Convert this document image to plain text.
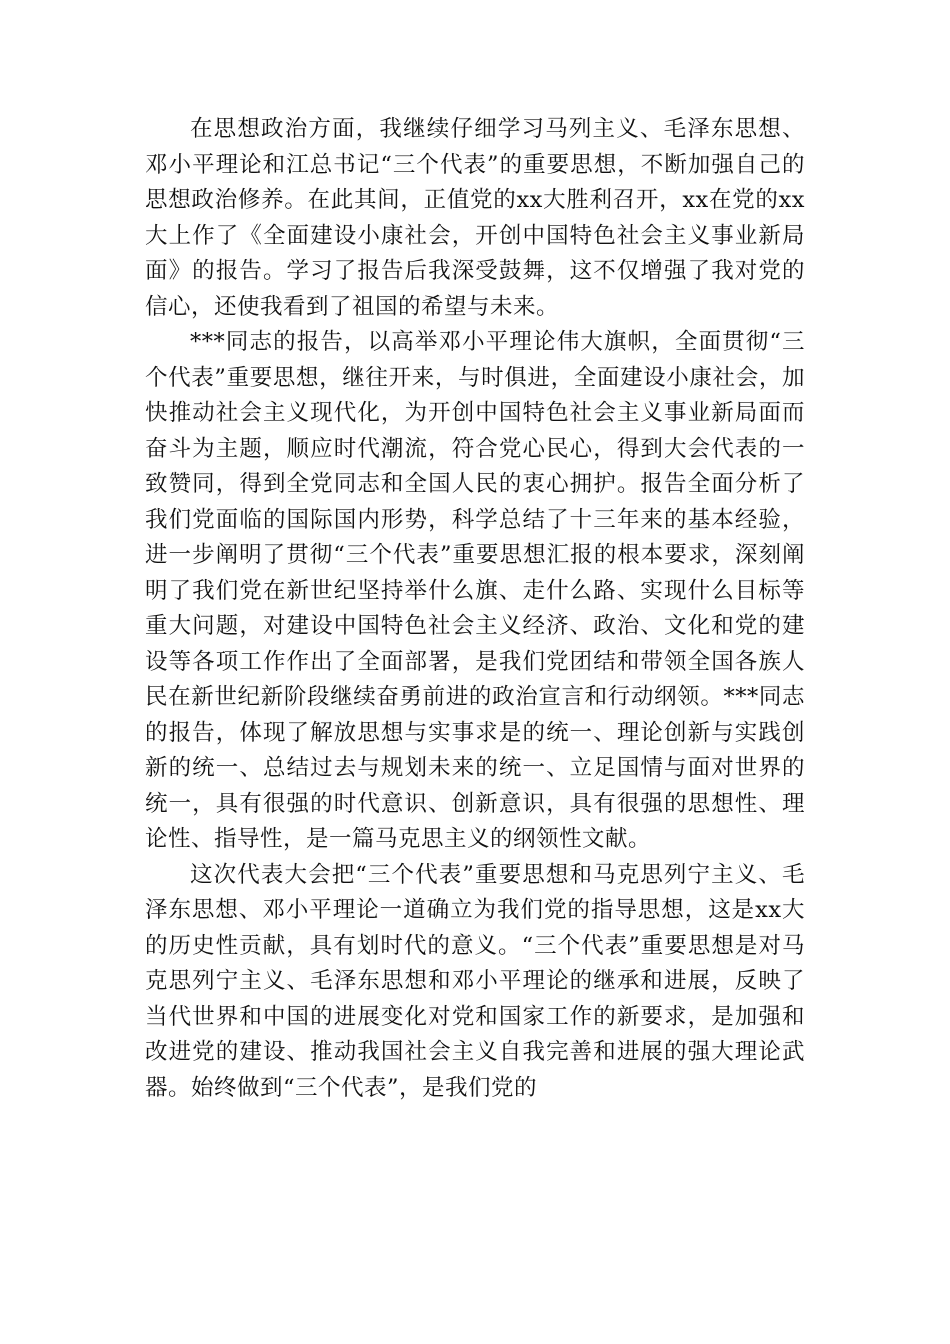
在思想政治方面，我继续仔细学习马列主义、毛泽东思想、邓小平理论和江总书记“三个代表”的重要思想，不断加强自己的思想政治修养。在此其间，正值党的xx大胜利召开，xx在党的xx大上作了《全面建设小康社会，开创中国特色社会主义事业新局面》的报告。学习了报告后我深受鼓舞，这不仅增强了我对党的信心，还使我看到了祖国的希望与未来。

***同志的报告，以高举邓小平理论伟大旗帜，全面贯彻“三个代表”重要思想，继往开来，与时俱进，全面建设小康社会，加快推动社会主义现代化，为开创中国特色社会主义事业新局面而奋斗为主题，顺应时代潮流，符合党心民心，得到大会代表的一致赞同，得到全党同志和全国人民的衷心拥护。报告全面分析了我们党面临的国际国内形势，科学总结了十三年来的基本经验，进一步阐明了贯彻“三个代表”重要思想汇报的根本要求，深刻阐明了我们党在新世纪坚持举什么旗、走什么路、实现什么目标等重大问题，对建设中国特色社会主义经济、政治、文化和党的建设等各项工作作出了全面部署，是我们党团结和带领全国各族人民在新世纪新阶段继续奋勇前进的政治宣言和行动纲领。***同志的报告，体现了解放思想与实事求是的统一、理论创新与实践创新的统一、总结过去与规划未来的统一、立足国情与面对世界的统一，具有很强的时代意识、创新意识，具有很强的思想性、理论性、指导性，是一篇马克思主义的纲领性文献。

这次代表大会把“三个代表”重要思想和马克思列宁主义、毛泽东思想、邓小平理论一道确立为我们党的指导思想，这是xx大的历史性贡献，具有划时代的意义。“三个代表”重要思想是对马克思列宁主义、毛泽东思想和邓小平理论的继承和进展，反映了当代世界和中国的进展变化对党和国家工作的新要求，是加强和改进党的建设、推动我国社会主义自我完善和进展的强大理论武器。始终做到“三个代表”，是我们党的
